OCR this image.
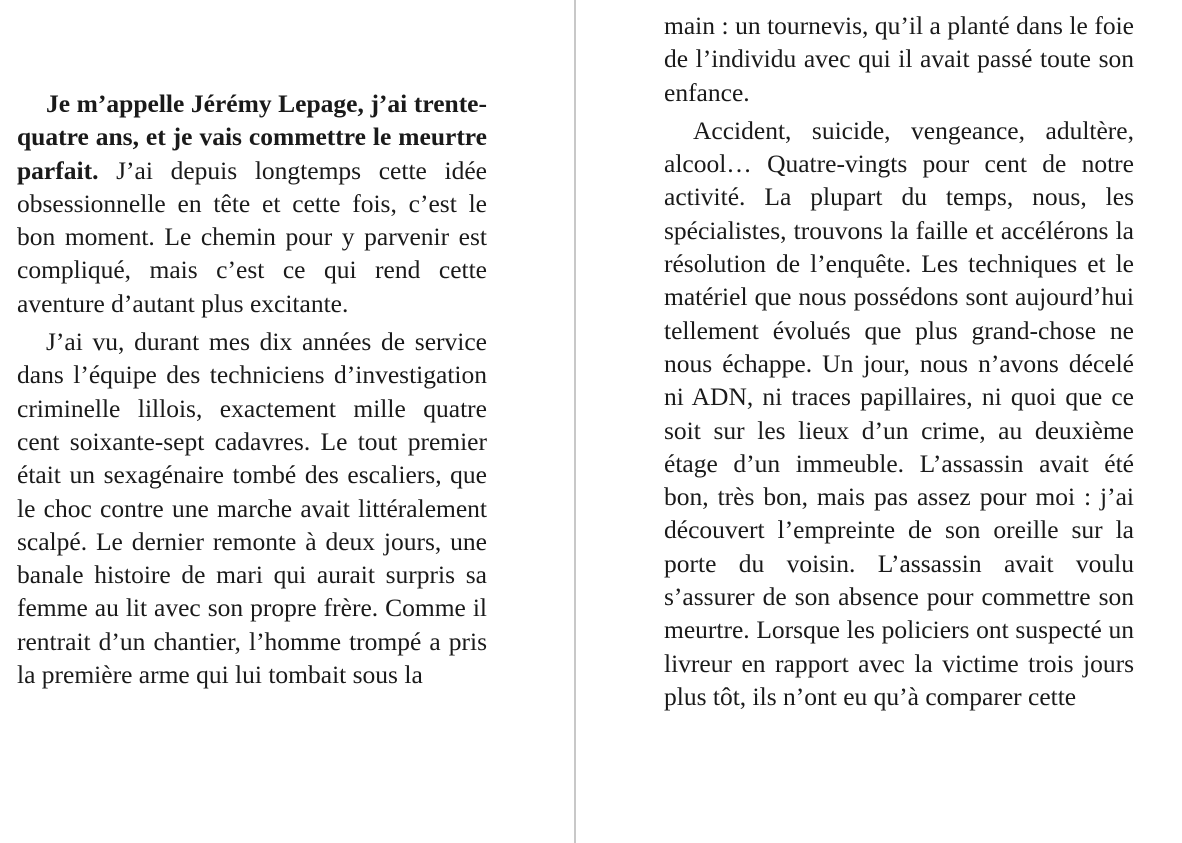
Je m’appelle Jérémy Lepage, j’ai trente-quatre ans, et je vais commettre le meurtre parfait. J’ai depuis longtemps cette idée obsessionnelle en tête et cette fois, c’est le bon moment. Le chemin pour y parvenir est compliqué, mais c’est ce qui rend cette aventure d’autant plus excitante.

J’ai vu, durant mes dix années de service dans l’équipe des techniciens d’investigation criminelle lillois, exactement mille quatre cent soixante-sept cadavres. Le tout premier était un sexagénaire tombé des escaliers, que le choc contre une marche avait littéralement scalpé. Le dernier remonte à deux jours, une banale histoire de mari qui aurait surpris sa femme au lit avec son propre frère. Comme il rentrait d’un chantier, l’homme trompé a pris la première arme qui lui tombait sous la

main : un tournevis, qu’il a planté dans le foie de l’individu avec qui il avait passé toute son enfance.

Accident, suicide, vengeance, adultère, alcool… Quatre-vingts pour cent de notre activité. La plupart du temps, nous, les spécialistes, trouvons la faille et accélérons la résolution de l’enquête. Les techniques et le matériel que nous possédons sont aujourd’hui tellement évolués que plus grand-chose ne nous échappe. Un jour, nous n’avons décelé ni ADN, ni traces papillaires, ni quoi que ce soit sur les lieux d’un crime, au deuxième étage d’un immeuble. L’assassin avait été bon, très bon, mais pas assez pour moi : j’ai découvert l’empreinte de son oreille sur la porte du voisin. L’assassin avait voulu s’assurer de son absence pour commettre son meurtre. Lorsque les policiers ont suspecté un livreur en rapport avec la victime trois jours plus tôt, ils n’ont eu qu’à comparer cette
